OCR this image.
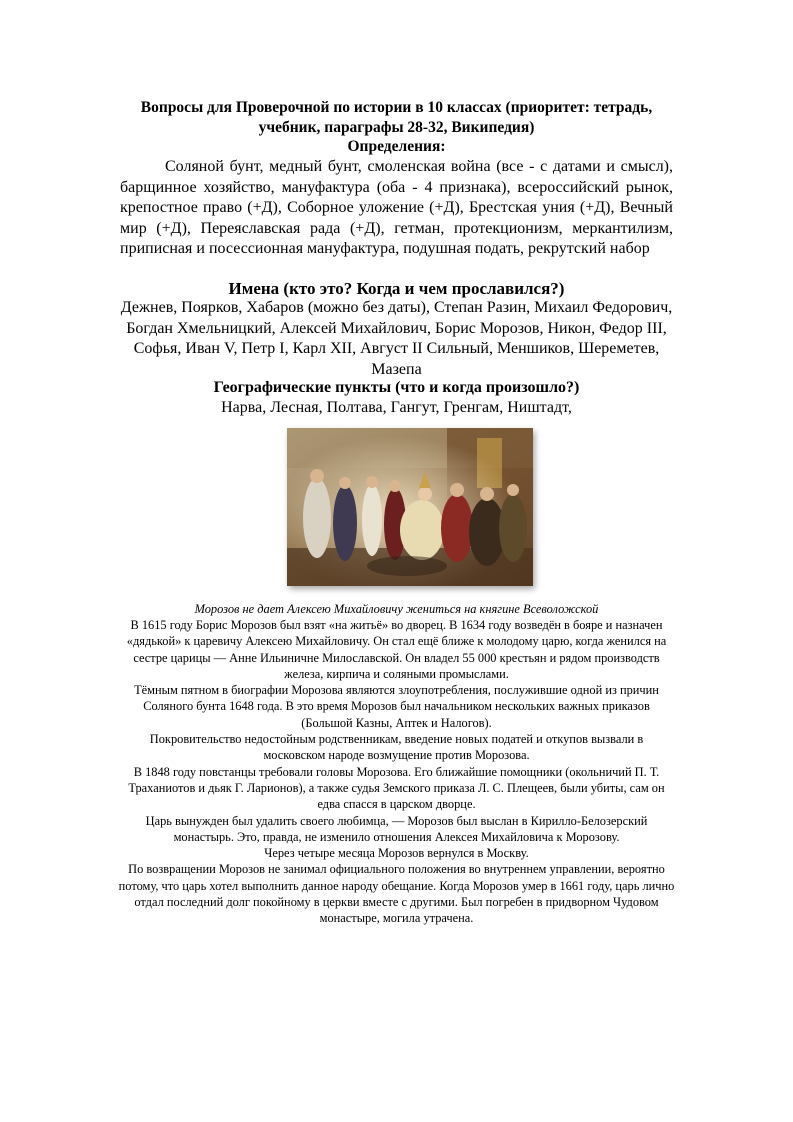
Вопросы для Проверочной по истории в 10 классах (приоритет: тетрадь, учебник, параграфы 28-32, Википедия)
Определения:
Соляной бунт, медный бунт, смоленская война (все - с датами и смысл), барщинное хозяйство, мануфактура (оба - 4 признака), всероссийский рынок, крепостное право (+Д), Соборное уложение (+Д), Брестская уния (+Д), Вечный мир (+Д), Переяславская рада (+Д), гетман, протекционизм, меркантилизм, приписная и посессионная мануфактура, подушная подать, рекрутский набор
Имена (кто это? Когда и чем прославился?)
Дежнев, Поярков, Хабаров (можно без даты), Степан Разин, Михаил Федорович, Богдан Хмельницкий, Алексей Михайлович, Борис Морозов, Никон, Федор III, Софья, Иван V, Петр I, Карл XII, Август II Сильный, Меншиков, Шереметев, Мазепа
Географические пункты (что и когда произошло?)
Нарва, Лесная, Полтава, Гангут, Гренгам, Ништадт,
Морозов не дает Алексею Михайловичу жениться на княгине Всеволожской

В 1615 году Борис Морозов был взят «на житьё» во дворец. В 1634 году возведён в бояре и назначен «дядькой» к царевичу Алексею Михайловичу. Он стал ещё ближе к молодому царю, когда женился на сестре царицы — Анне Ильиничне Милославской. Он владел 55 000 крестьян и рядом производств железа, кирпича и соляными промыслами.

Тёмным пятном в биографии Морозова являются злоупотребления, послужившие одной из причин Соляного бунта 1648 года. В это время Морозов был начальником нескольких важных приказов (Большой Казны, Аптек и Налогов).

Покровительство недостойным родственникам, введение новых податей и откупов вызвали в московском народе возмущение против Морозова.

В 1848 году повстанцы требовали головы Морозова. Его ближайшие помощники (окольничий П. Т. Траханиотов и дьяк Г. Ларионов), а также судья Земского приказа Л. С. Плещеев, были убиты, сам он едва спасся в царском дворце.

Царь вынужден был удалить своего любимца, — Морозов был выслан в Кирилло-Белозерский монастырь. Это, правда, не изменило отношения Алексея Михайловича к Морозову.

Через четыре месяца Морозов вернулся в Москву.

По возвращении Морозов не занимал официального положения во внутреннем управлении, вероятно потому, что царь хотел выполнить данное народу обещание. Когда Морозов умер в 1661 году, царь лично отдал последний долг покойному в церкви вместе с другими. Был погребен в придворном Чудовом монастыре, могила утрачена.
